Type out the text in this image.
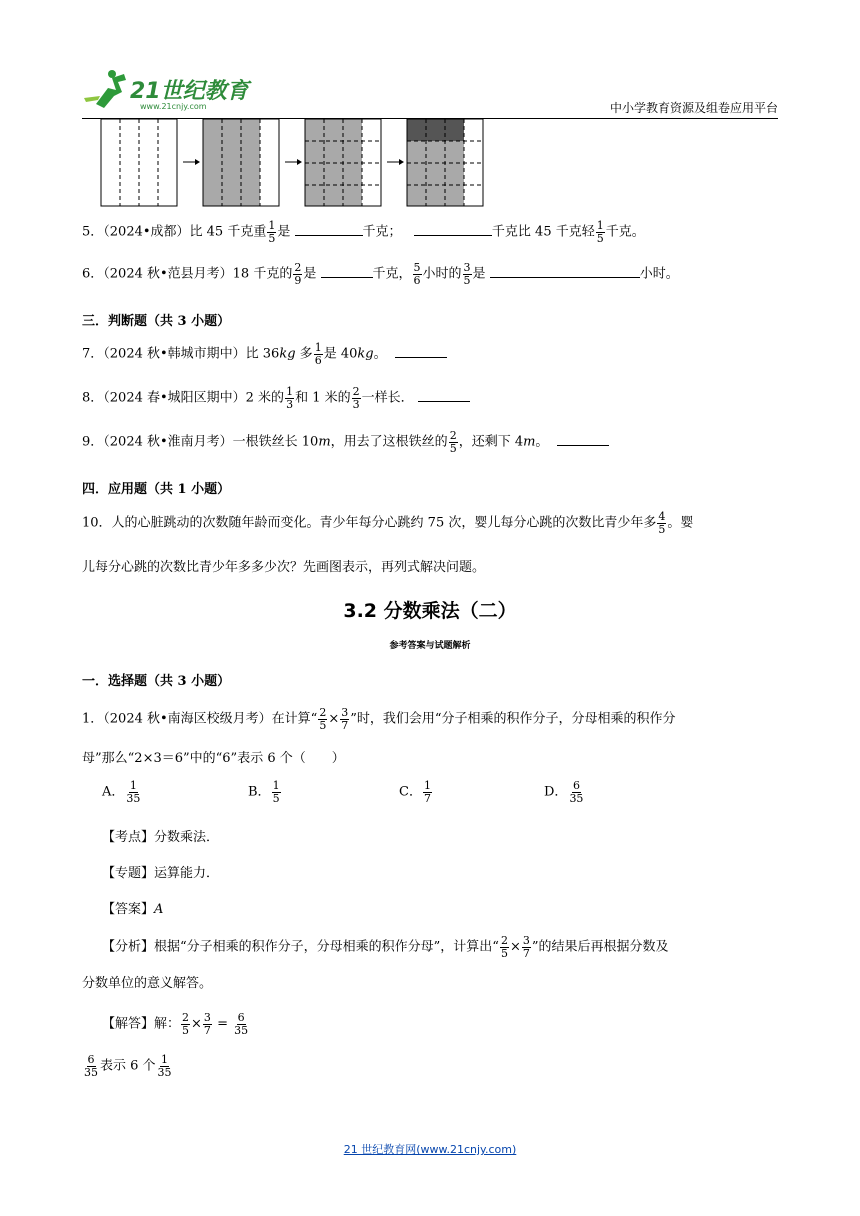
21世纪教育
www.21cnjy.com	中小学教育资源及组卷应用平台
5．（2024•成都）比 45 千克重 $\frac{1}{5}$ 是	千克；	千克比 45 千克轻 $\frac{1}{5}$ 千克。
6．（2024 秋•范县月考）18 千克的 $\frac{2}{9}$ 是	千克， $\frac{5}{6}$ 小时的 $\frac{3}{5}$ 是	小时。
三．判断题（共 3 小题）
7．（2024 秋•韩城市期中）比 36kg 多 $\frac{1}{6}$ 是 40kg。
8．（2024 春•城阳区期中）2 米的 $\frac{1}{3}$ 和 1 米的 $\frac{2}{3}$ 一样长．
9．（2024 秋•淮南月考）一根铁丝长 10m，用去了这根铁丝的 $\frac{2}{5}$ ，还剩下 4m。
四．应用题（共 1 小题）
10．人的心脏跳动的次数随年龄而变化。青少年每分心跳约 75 次，婴儿每分心跳的次数比青少年多 $\frac{4}{5}$ 。婴
儿每分心跳的次数比青少年多多少次？先画图表示，再列式解决问题。
3.2 分数乘法（二）
参考答案与试题解析
一．选择题（共 3 小题）
1．（2024 秋•南海区校级月考）在计算“ $\frac{2}{5} \times \frac{3}{7}$ ”时，我们会用“分子相乘的积作分子，分母相乘的积作分
母”那么“2×3＝6”中的“6”表示 6 个（　　）
A． $\frac{1}{35}$	B． $\frac{1}{5}$	C． $\frac{1}{7}$	D． $\frac{6}{35}$
【考点】分数乘法．
【专题】运算能力．
【答案】A
【分析】根据“分子相乘的积作分子，分母相乘的积作分母”，计算出“ $\frac{2}{5} \times \frac{3}{7}$ ”的结果后再根据分数及
分数单位的意义解答。
【解答】解： $\frac{2}{5} \times \frac{3}{7} = \frac{6}{35}$
$\frac{6}{35}$ 表示 6 个 $\frac{1}{35}$
21 世纪教育网(www.21cnjy.com)
